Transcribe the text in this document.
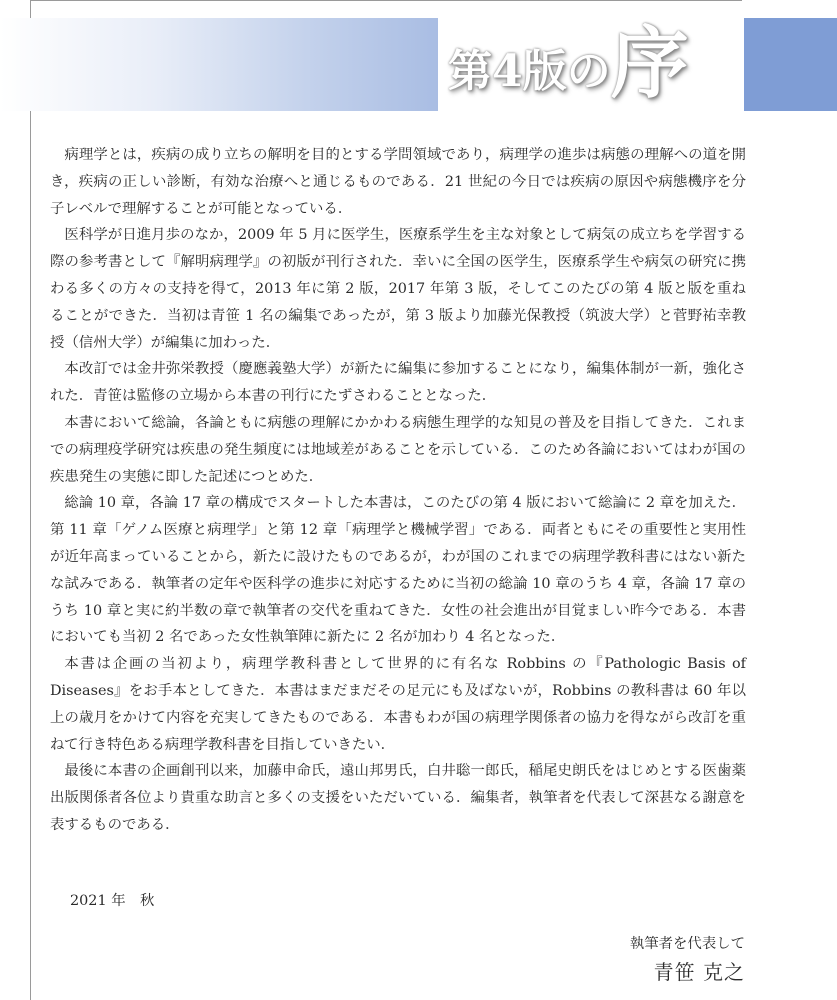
第4版の序

病理学とは，疾病の成り立ちの解明を目的とする学問領域であり，病理学の進歩は病態の理解への道を開き，疾病の正しい診断，有効な治療へと通じるものである．21 世紀の今日では疾病の原因や病態機序を分子レベルで理解することが可能となっている．

医科学が日進月歩のなか，2009 年 5 月に医学生，医療系学生を主な対象として病気の成立ちを学習する際の参考書として『解明病理学』の初版が刊行された．幸いに全国の医学生，医療系学生や病気の研究に携わる多くの方々の支持を得て，2013 年に第 2 版，2017 年第 3 版，そしてこのたびの第 4 版と版を重ねることができた．当初は青笹 1 名の編集であったが，第 3 版より加藤光保教授（筑波大学）と菅野祐幸教授（信州大学）が編集に加わった．

本改訂では金井弥栄教授（慶應義塾大学）が新たに編集に参加することになり，編集体制が一新，強化された．青笹は監修の立場から本書の刊行にたずさわることとなった．

本書において総論，各論ともに病態の理解にかかわる病態生理学的な知見の普及を目指してきた．これまでの病理疫学研究は疾患の発生頻度には地域差があることを示している．このため各論においてはわが国の疾患発生の実態に即した記述につとめた．

総論 10 章，各論 17 章の構成でスタートした本書は，このたびの第 4 版において総論に 2 章を加えた．第 11 章「ゲノム医療と病理学」と第 12 章「病理学と機械学習」である．両者ともにその重要性と実用性が近年高まっていることから，新たに設けたものであるが，わが国のこれまでの病理学教科書にはない新たな試みである．執筆者の定年や医科学の進歩に対応するために当初の総論 10 章のうち 4 章，各論 17 章のうち 10 章と実に約半数の章で執筆者の交代を重ねてきた．女性の社会進出が目覚ましい昨今である．本書においても当初 2 名であった女性執筆陣に新たに 2 名が加わり 4 名となった．

本書は企画の当初より，病理学教科書として世界的に有名な Robbins の『Pathologic Basis of Diseases』をお手本としてきた．本書はまだまだその足元にも及ばないが，Robbins の教科書は 60 年以上の歳月をかけて内容を充実してきたものである．本書もわが国の病理学関係者の協力を得ながら改訂を重ねて行き特色ある病理学教科書を目指していきたい．

最後に本書の企画創刊以来，加藤申命氏，遠山邦男氏，白井聡一郎氏，稲尾史朗氏をはじめとする医歯薬出版関係者各位より貴重な助言と多くの支援をいただいている．編集者，執筆者を代表して深甚なる謝意を表するものである．

2021 年　秋
執筆者を代表して
青笹 克之
